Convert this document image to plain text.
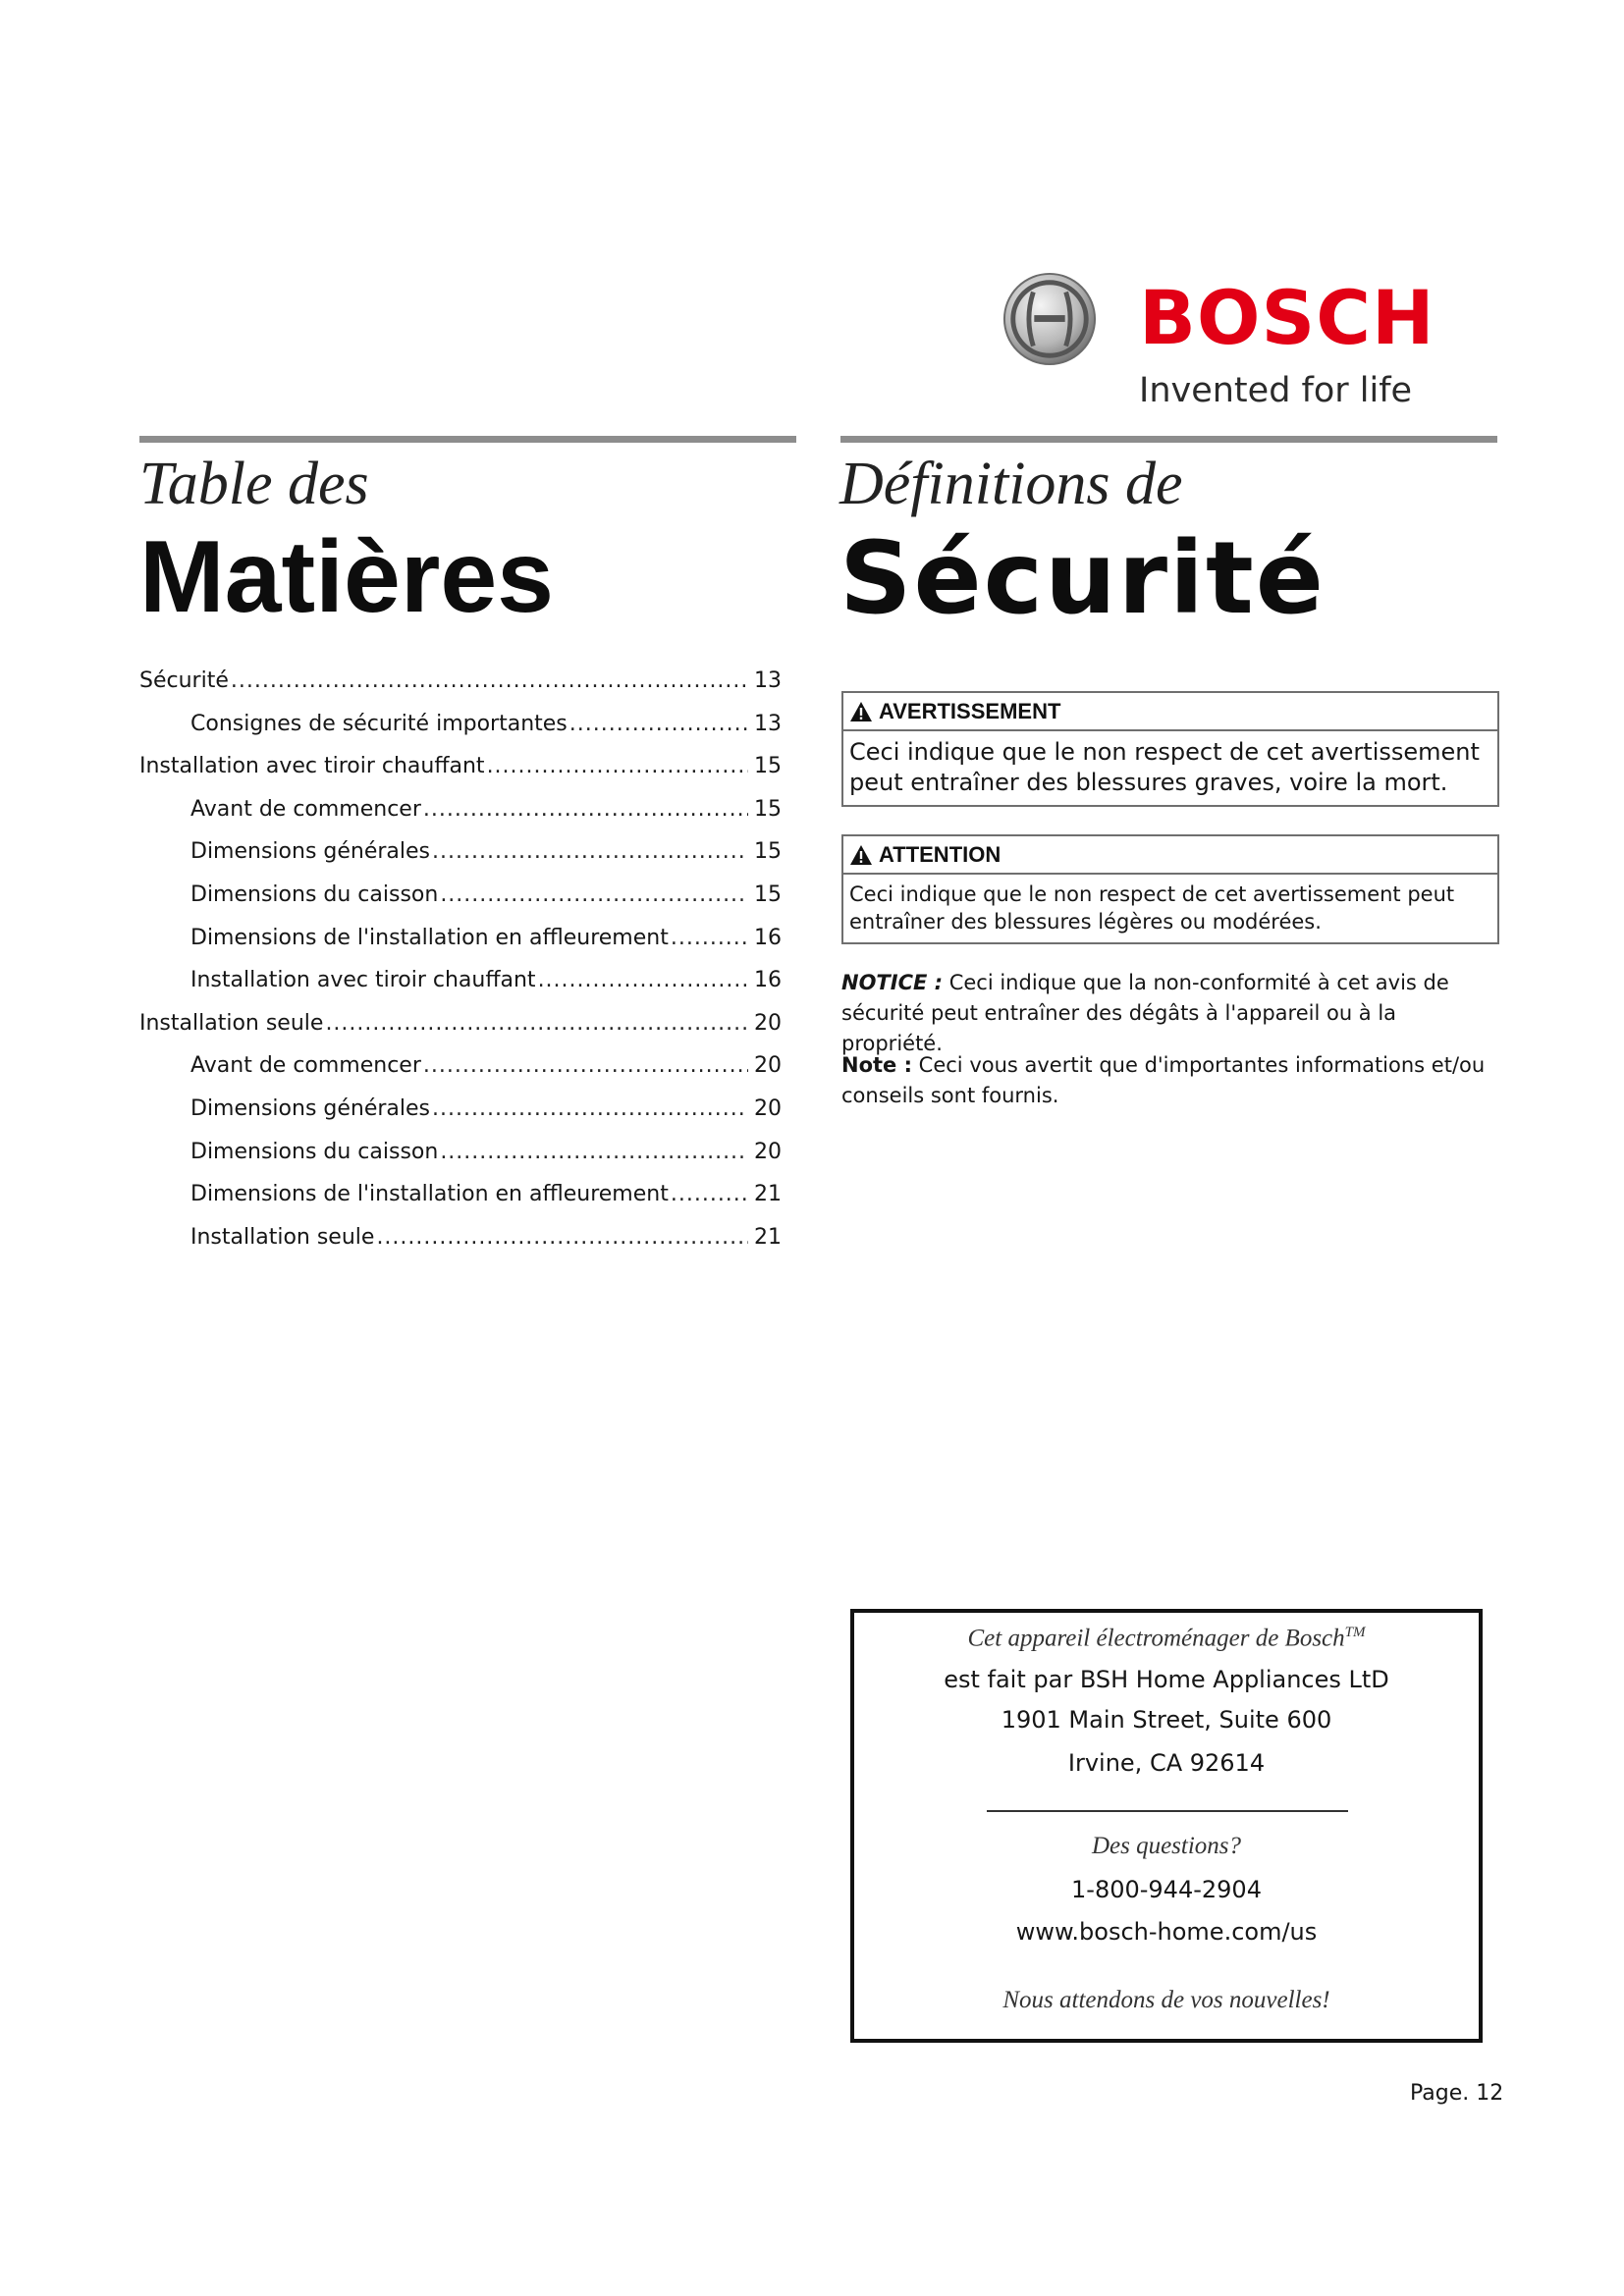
BOSCH
Invented for life
Table des
Matières
Sécurité .....	13
Consignes de sécurité importantes .....	13
Installation avec tiroir chauffant .....	15
Avant de commencer .....	15
Dimensions générales .....	15
Dimensions du caisson .....	15
Dimensions de l'installation en affleurement .....	16
Installation avec tiroir chauffant .....	16
Installation seule .....	20
Avant de commencer .....	20
Dimensions générales .....	20
Dimensions du caisson .....	20
Dimensions de l'installation en affleurement .....	21
Installation seule .....	21
Définitions de
Sécurité
AVERTISSEMENT
Ceci indique que le non respect de cet avertissement peut entraîner des blessures graves, voire la mort.
ATTENTION
Ceci indique que le non respect de cet avertissement peut entraîner des blessures légères ou modérées.
NOTICE : Ceci indique que la non-conformité à cet avis de sécurité peut entraîner des dégâts à l'appareil ou à la propriété.
Note : Ceci vous avertit que d'importantes informations et/ou conseils sont fournis.
Cet appareil électroménager de Bosch™
est fait par BSH Home Appliances LtD
1901 Main Street, Suite 600
Irvine, CA 92614
Des questions?
1-800-944-2904
www.bosch-home.com/us
Nous attendons de vos nouvelles!
Page. 12
